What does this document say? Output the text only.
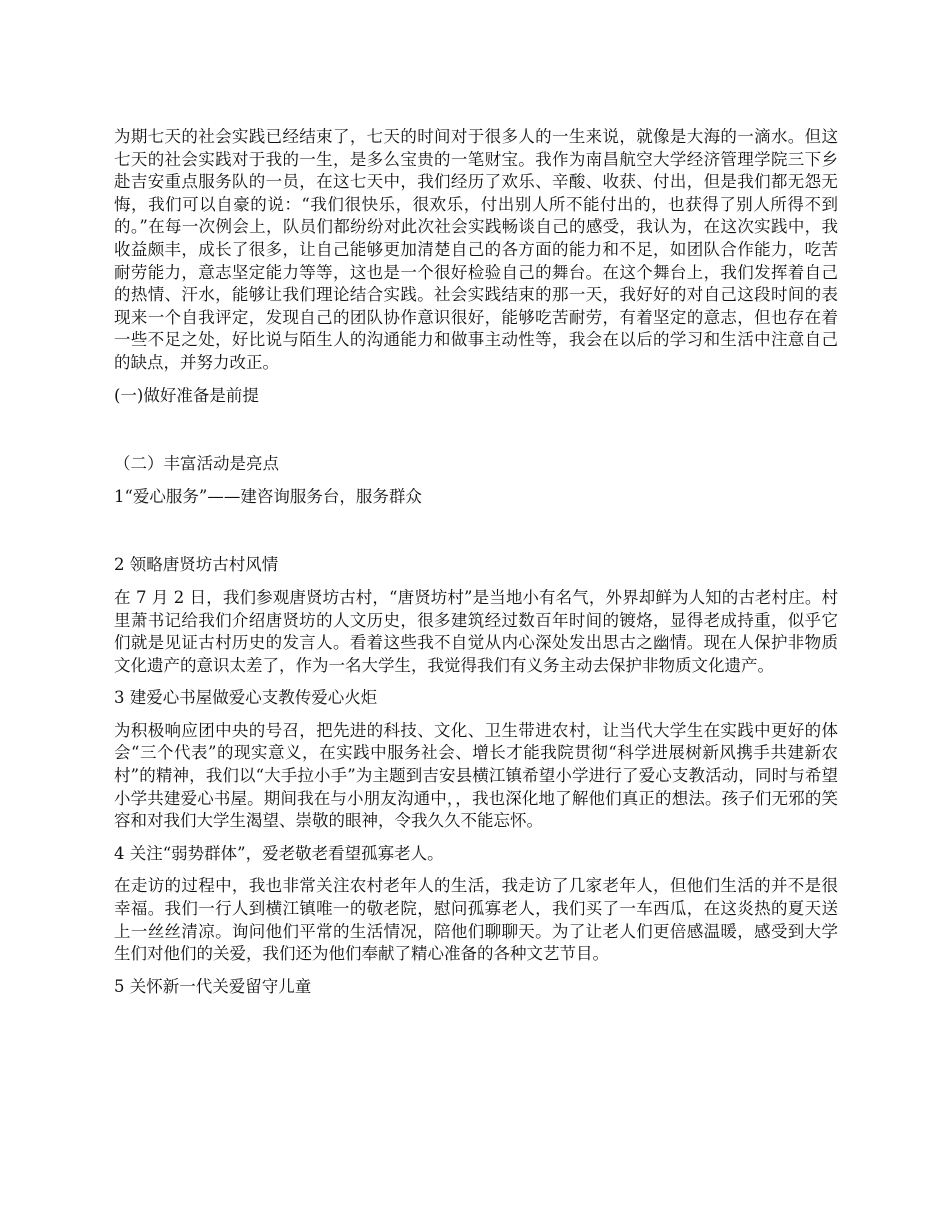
为期七天的社会实践已经结束了，七天的时间对于很多人的一生来说，就像是大海的一滴水。但这七天的社会实践对于我的一生，是多么宝贵的一笔财宝。我作为南昌航空大学经济管理学院三下乡赴吉安重点服务队的一员，在这七天中，我们经历了欢乐、辛酸、收获、付出，但是我们都无怨无悔，我们可以自豪的说：“我们很快乐，很欢乐，付出别人所不能付出的，也获得了别人所得不到的。”在每一次例会上，队员们都纷纷对此次社会实践畅谈自己的感受，我认为，在这次实践中，我收益颇丰，成长了很多，让自己能够更加清楚自己的各方面的能力和不足，如团队合作能力，吃苦耐劳能力，意志坚定能力等等，这也是一个很好检验自己的舞台。在这个舞台上，我们发挥着自己的热情、汗水，能够让我们理论结合实践。社会实践结束的那一天，我好好的对自己这段时间的表现来一个自我评定，发现自己的团队协作意识很好，能够吃苦耐劳，有着坚定的意志，但也存在着一些不足之处，好比说与陌生人的沟通能力和做事主动性等，我会在以后的学习和生活中注意自己的缺点，并努力改正。

(一)做好准备是前提

（二）丰富活动是亮点

1“爱心服务”——建咨询服务台，服务群众

2 领略唐贤坊古村风情

在 7 月 2 日，我们参观唐贤坊古村，“唐贤坊村”是当地小有名气，外界却鲜为人知的古老村庄。村里萧书记给我们介绍唐贤坊的人文历史，很多建筑经过数百年时间的镀烙，显得老成持重，似乎它们就是见证古村历史的发言人。看着这些我不自觉从内心深处发出思古之幽情。现在人保护非物质文化遗产的意识太差了，作为一名大学生，我觉得我们有义务主动去保护非物质文化遗产。

3 建爱心书屋做爱心支教传爱心火炬

为积极响应团中央的号召，把先进的科技、文化、卫生带进农村，让当代大学生在实践中更好的体会“三个代表”的现实意义，在实践中服务社会、增长才能我院贯彻“科学进展树新风携手共建新农村”的精神，我们以“大手拉小手”为主题到吉安县横江镇希望小学进行了爱心支教活动，同时与希望小学共建爱心书屋。期间我在与小朋友沟通中，，我也深化地了解他们真正的想法。孩子们无邪的笑容和对我们大学生渴望、崇敬的眼神，令我久久不能忘怀。

4 关注“弱势群体”，爱老敬老看望孤寡老人。

在走访的过程中，我也非常关注农村老年人的生活，我走访了几家老年人，但他们生活的并不是很幸福。我们一行人到横江镇唯一的敬老院，慰问孤寡老人，我们买了一车西瓜，在这炎热的夏天送上一丝丝清凉。询问他们平常的生活情况，陪他们聊聊天。为了让老人们更倍感温暖，感受到大学生们对他们的关爱，我们还为他们奉献了精心准备的各种文艺节目。

5 关怀新一代关爱留守儿童
